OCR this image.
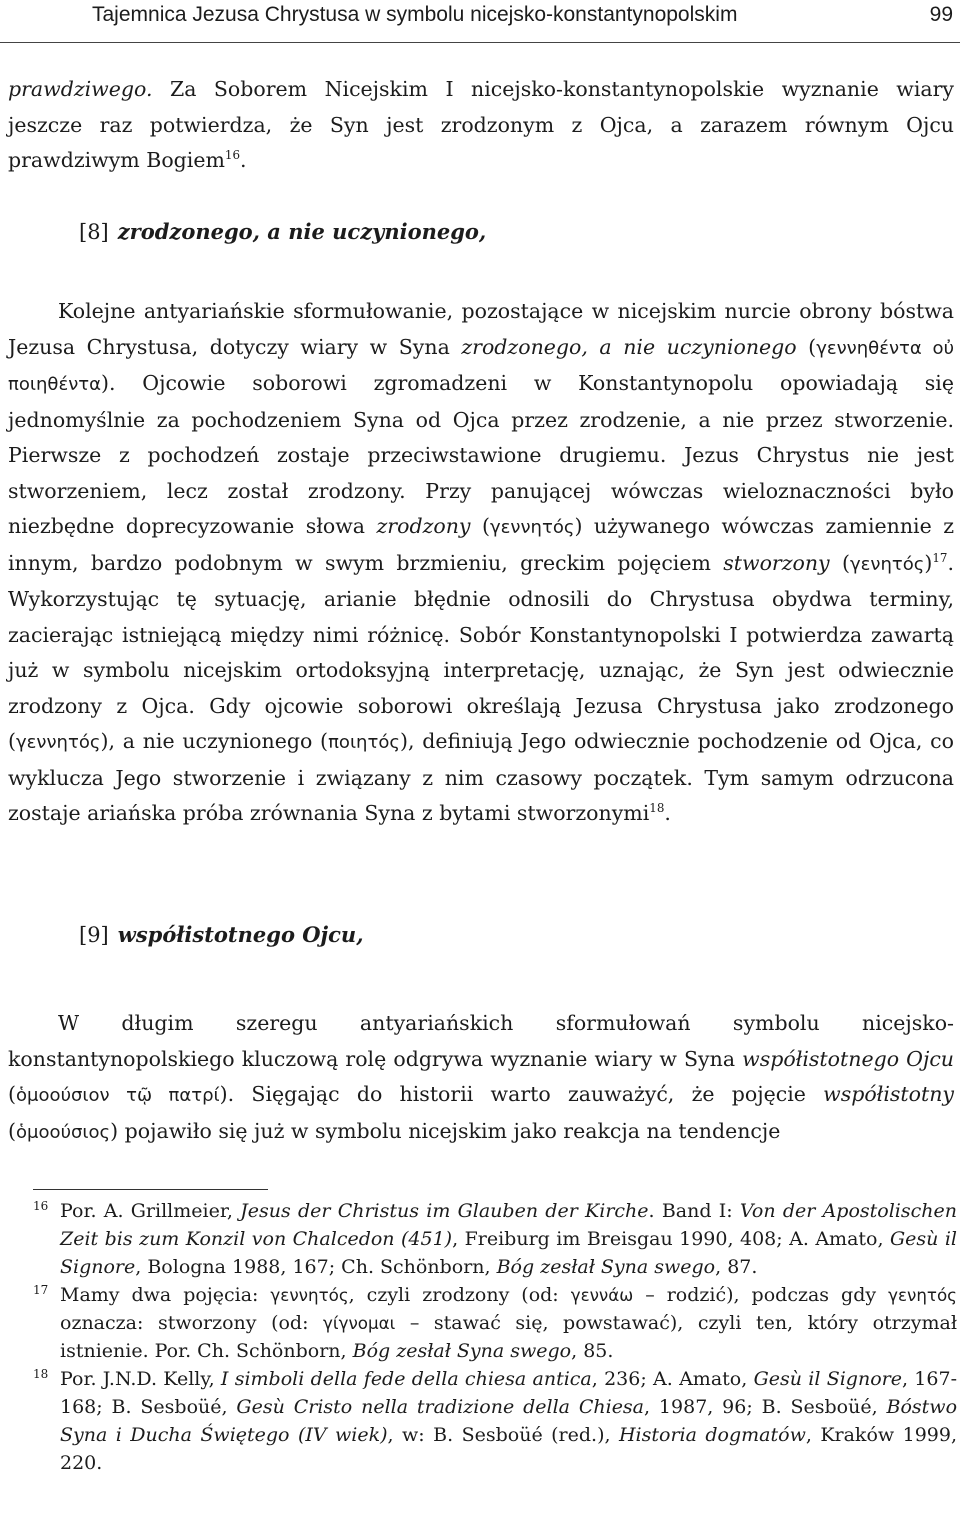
Tajemnica Jezusa Chrystusa w symbolu nicejsko-konstantynopolskim	99

prawdziwego. Za Soborem Nicejskim I nicejsko-konstantynopolskie wyznanie wiary jeszcze raz potwierdza, że Syn jest zrodzonym z Ojca, a zarazem równym Ojcu prawdziwym Bogiem$^{16}$.

[8] zrodzonego, a nie uczynionego,

Kolejne antyariańskie sformułowanie, pozostające w nicejskim nurcie obrony bóstwa Jezusa Chrystusa, dotyczy wiary w Syna zrodzonego, a nie uczynionego (γεννηθέντα οὐ ποιηθέντα). Ojcowie soborowi zgromadzeni w Konstantynopolu opowiadają się jednomyślnie za pochodzeniem Syna od Ojca przez zrodzenie, a nie przez stworzenie. Pierwsze z pochodzeń zostaje przeciwstawione drugiemu. Jezus Chrystus nie jest stworzeniem, lecz został zrodzony. Przy panującej wówczas wieloznaczności było niezbędne doprecyzowanie słowa zrodzony (γεννητός) używanego wówczas zamiennie z innym, bardzo podobnym w swym brzmieniu, greckim pojęciem stworzony (γενητός)$^{17}$. Wykorzystując tę sytuację, arianie błędnie odnosili do Chrystusa obydwa terminy, zacierając istniejącą między nimi różnicę. Sobór Konstantynopolski I potwierdza zawartą już w symbolu nicejskim ortodoksyjną interpretację, uznając, że Syn jest odwiecznie zrodzony z Ojca. Gdy ojcowie soborowi określają Jezusa Chrystusa jako zrodzonego (γεννητός), a nie uczynionego (ποιητός), definiują Jego odwiecznie pochodzenie od Ojca, co wyklucza Jego stworzenie i związany z nim czasowy początek. Tym samym odrzucona zostaje ariańska próba zrównania Syna z bytami stworzonymi$^{18}$.

[9] współistotnego Ojcu,

W długim szeregu antyariańskich sformułowań symbolu nicejsko-konstantynopolskiego kluczową rolę odgrywa wyznanie wiary w Syna współistotnego Ojcu (ὁμοούσιον τῷ πατρί). Sięgając do historii warto zauważyć, że pojęcie współistotny (ὁμοούσιος) pojawiło się już w symbolu nicejskim jako reakcja na tendencje

16 Por. A. Grillmeier, Jesus der Christus im Glauben der Kirche. Band I: Von der Apostolischen Zeit bis zum Konzil von Chalcedon (451), Freiburg im Breisgau 1990, 408; A. Amato, Gesù il Signore, Bologna 1988, 167; Ch. Schönborn, Bóg zesłał Syna swego, 87.

17 Mamy dwa pojęcia: γεννητός, czyli zrodzony (od: γεννάω – rodzić), podczas gdy γενητός oznacza: stworzony (od: γίγνομαι – stawać się, powstawać), czyli ten, który otrzymał istnienie. Por. Ch. Schönborn, Bóg zesłał Syna swego, 85.

18 Por. J.N.D. Kelly, I simboli della fede della chiesa antica, 236; A. Amato, Gesù il Signore, 167-168; B. Sesboüé, Gesù Cristo nella tradizione della Chiesa, 1987, 96; B. Sesboüé, Bóstwo Syna i Ducha Świętego (IV wiek), w: B. Sesboüé (red.), Historia dogmatów, Kraków 1999, 220.
